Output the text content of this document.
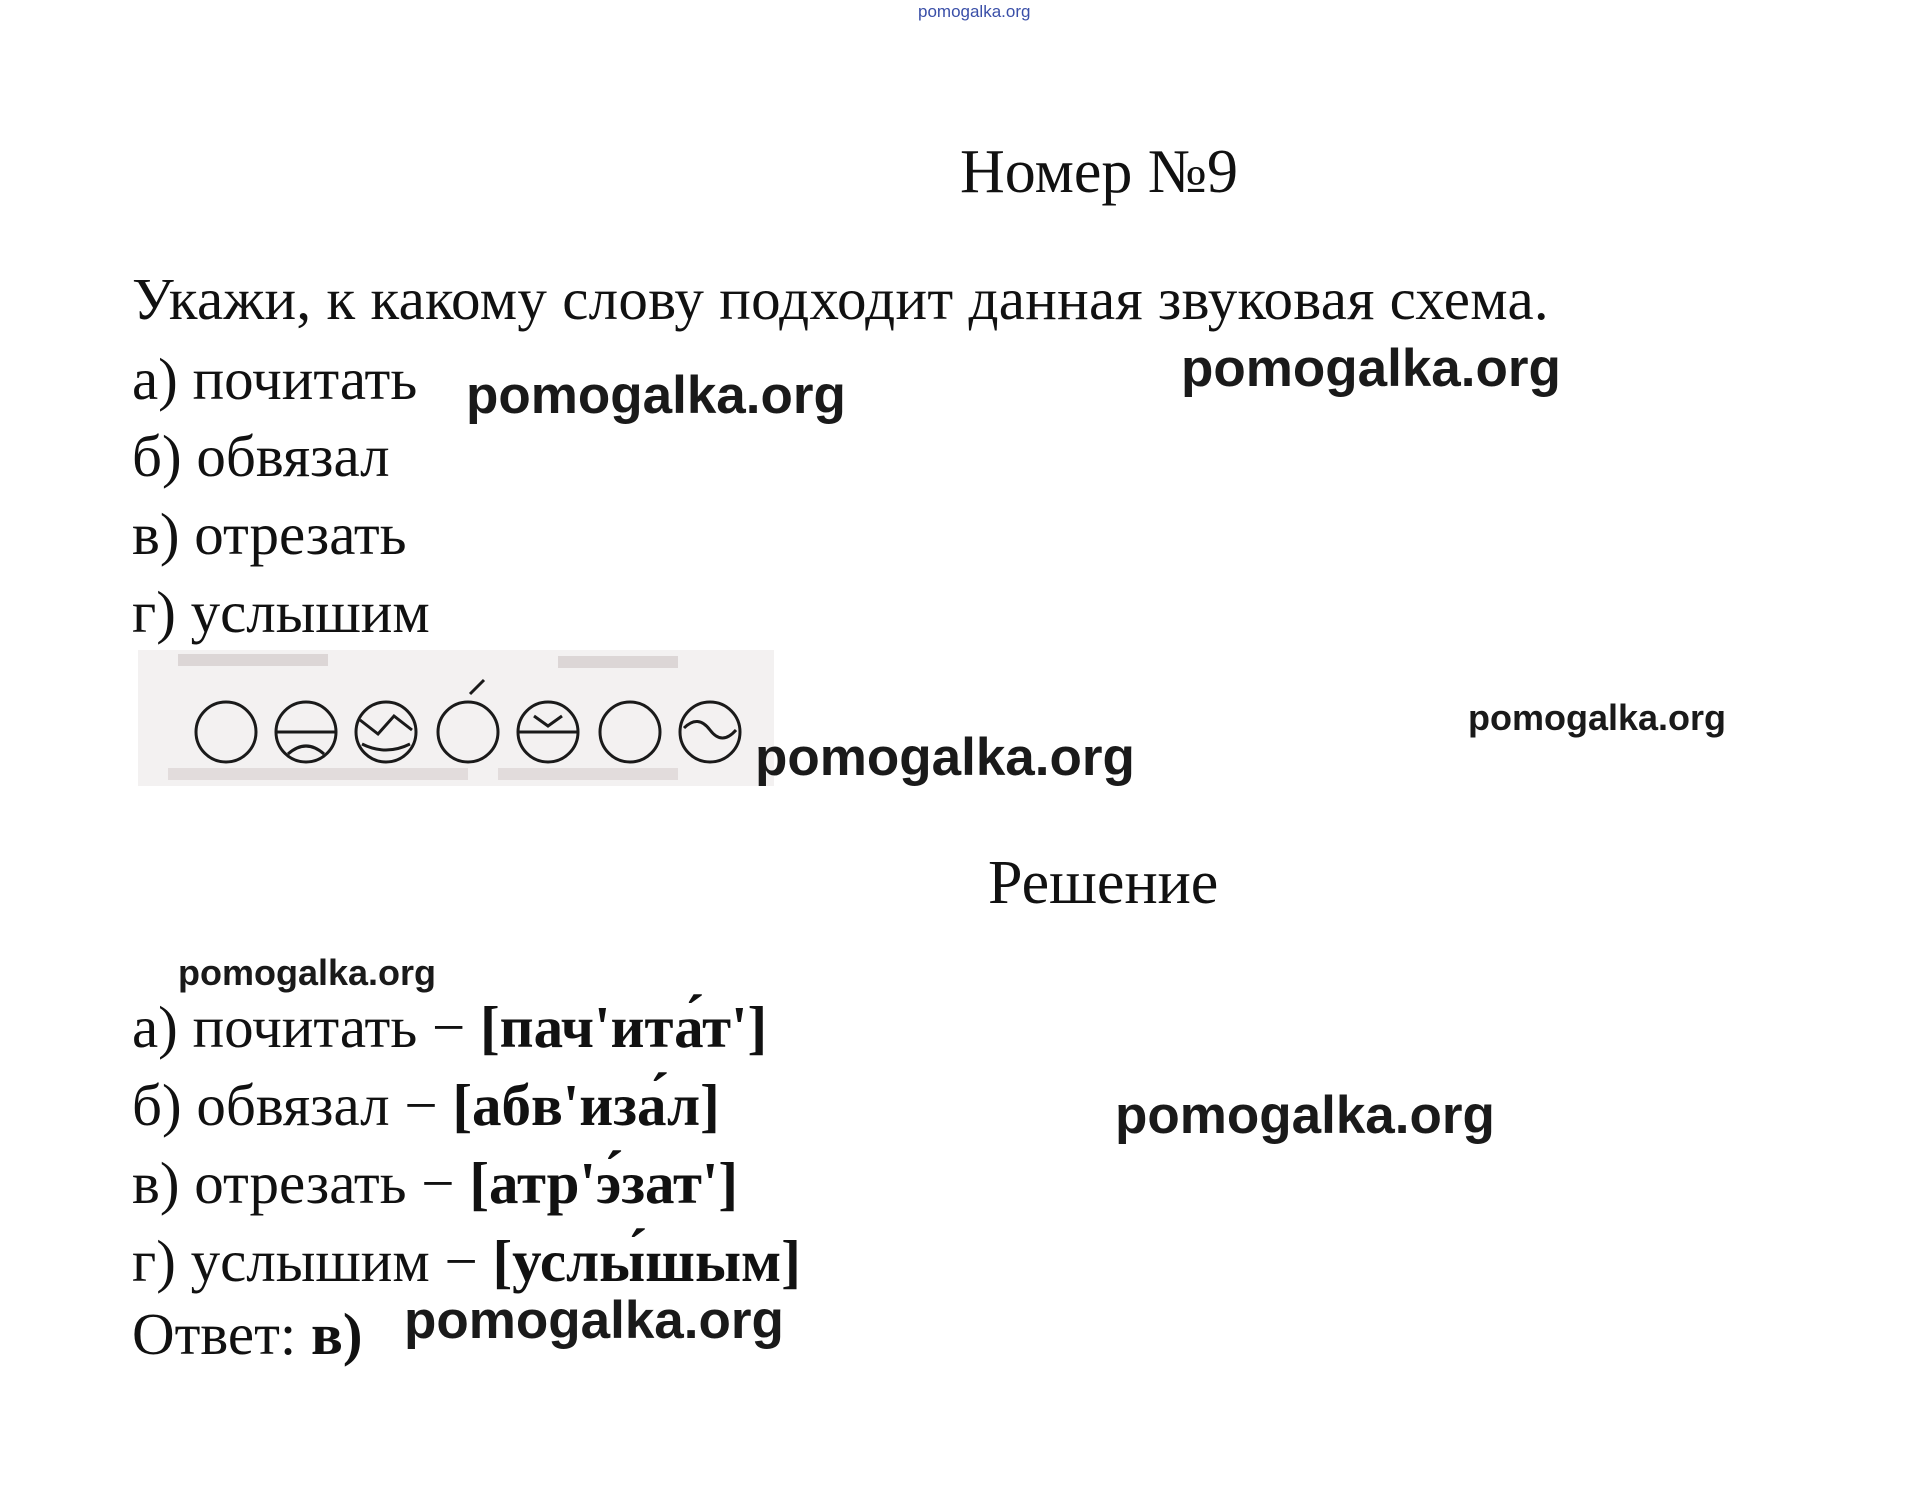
pomogalka.org
Номер №9
Укажи, к какому слову подходит данная звуковая схема.
а) почитать
б) обвязал
в) отрезать
г) услышим
pomogalka.org
pomogalka.org	pomogalka.org
pomogalka.org
pomogalka.org
pomogalka.org
pomogalka.org
Решение
а) почитать − [пач'ита́т']
б) обвязал − [абв'иза́л]
в) отрезать − [атр'э́зат']
г) услышим − [услы́шым]
Ответ: в)
